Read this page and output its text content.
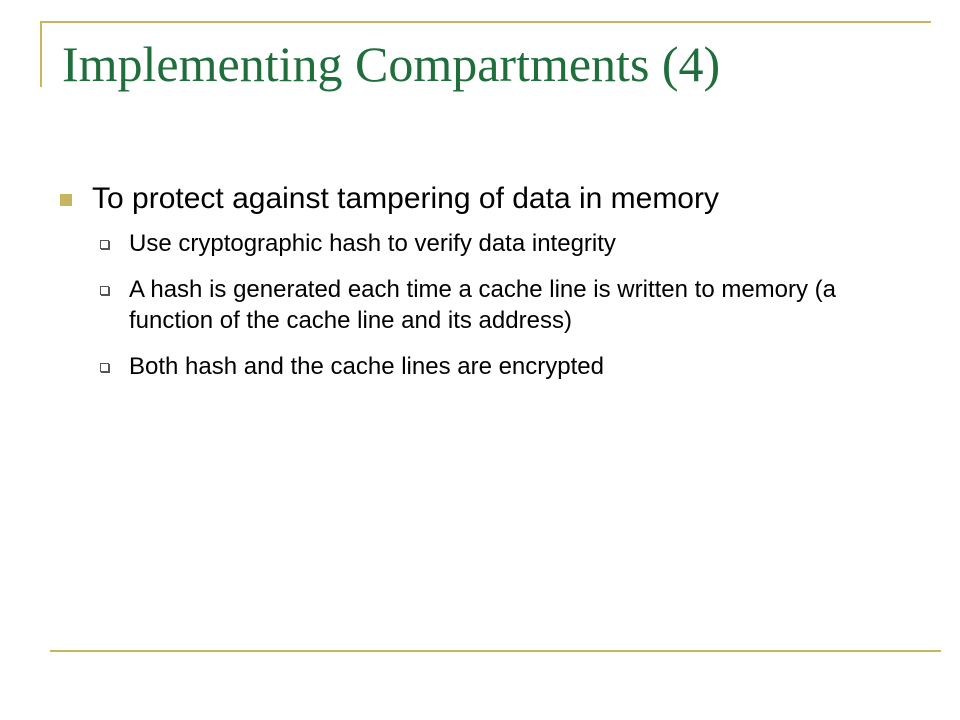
Implementing Compartments (4)
To protect against tampering of data in memory
Use cryptographic hash to verify data integrity
A hash is generated each time a cache line is written to memory (a function of the cache line and its address)
Both hash and the cache lines are encrypted
